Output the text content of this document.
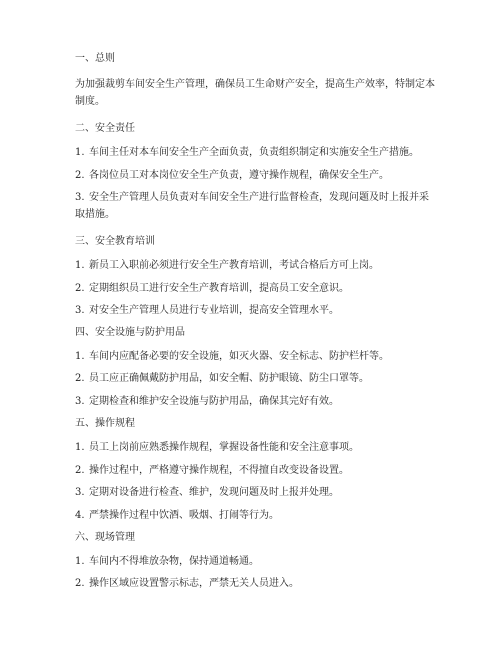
一、总则
为加强裁剪车间安全生产管理，确保员工生命财产安全，提高生产效率，特制定本制度。
二、安全责任
1. 车间主任对本车间安全生产全面负责，负责组织制定和实施安全生产措施。
2. 各岗位员工对本岗位安全生产负责，遵守操作规程，确保安全生产。
3. 安全生产管理人员负责对车间安全生产进行监督检查，发现问题及时上报并采取措施。
三、安全教育培训
1. 新员工入职前必须进行安全生产教育培训，考试合格后方可上岗。
2. 定期组织员工进行安全生产教育培训，提高员工安全意识。
3. 对安全生产管理人员进行专业培训，提高安全管理水平。
四、安全设施与防护用品
1. 车间内应配备必要的安全设施，如灭火器、安全标志、防护栏杆等。
2. 员工应正确佩戴防护用品，如安全帽、防护眼镜、防尘口罩等。
3. 定期检查和维护安全设施与防护用品，确保其完好有效。
五、操作规程
1. 员工上岗前应熟悉操作规程，掌握设备性能和安全注意事项。
2. 操作过程中，严格遵守操作规程，不得擅自改变设备设置。
3. 定期对设备进行检查、维护，发现问题及时上报并处理。
4. 严禁操作过程中饮酒、吸烟、打闹等行为。
六、现场管理
1. 车间内不得堆放杂物，保持通道畅通。
2. 操作区域应设置警示标志，严禁无关人员进入。
